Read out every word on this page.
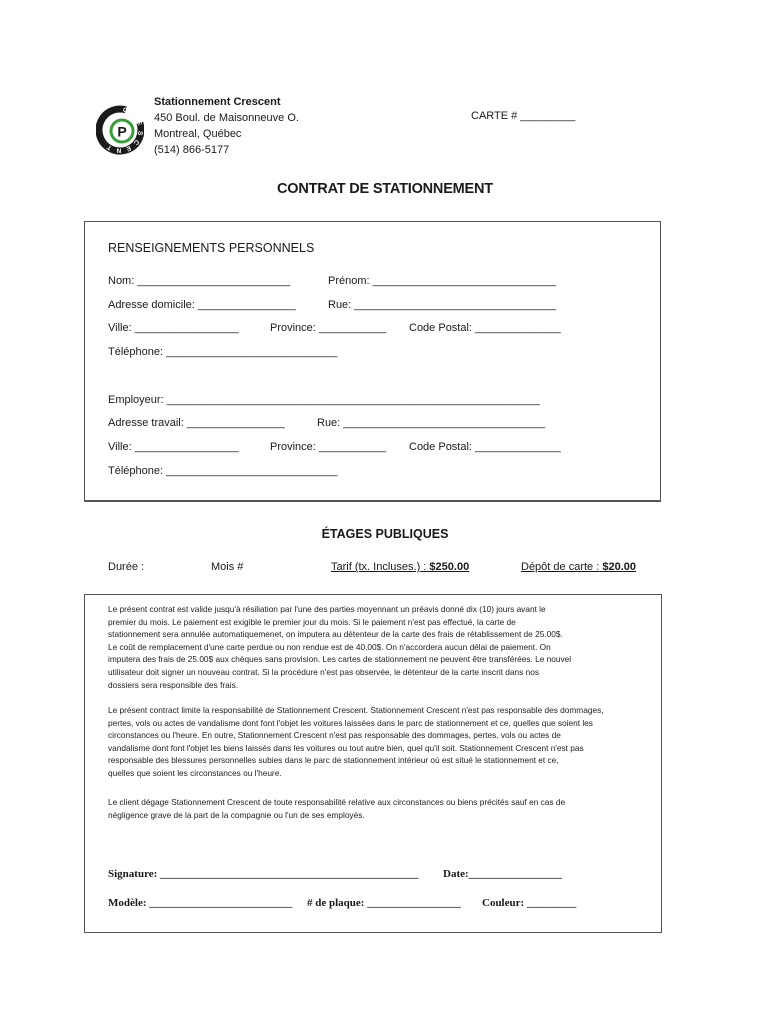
P
C
R
E
S
C
E
N
T
Stationnement Crescent
450 Boul. de Maisonneuve O.
Montreal, Québec
(514) 866-5177
CARTE # _________
CONTRAT DE STATIONNEMENT
RENSEIGNEMENTS PERSONNELS
Nom: _________________________	Prénom: ______________________________
Adresse domicile: ________________	Rue: _________________________________
Ville: _________________	Province: ___________ Code Postal: ______________
Téléphone: ____________________________
Employeur: _____________________________________________________________
Adresse travail: ________________	Rue: _________________________________
Ville: _________________	Province: ___________ Code Postal: ______________
Téléphone: ____________________________
ÉTAGES PUBLIQUES
Durée :	Mois #	Tarif (tx. Incluses.) : $250.00	Dépôt de carte : $20.00
Le présent contrat est valide jusqu'à résiliation par l'une des parties moyennant un préavis donné dix (10) jours avant le
premier du mois. Le paiement est exigible le premier jour du mois. Si le paiement n'est pas effectué, la carte de
stationnement sera annulée automatiquemenet, on imputera au détenteur de la carte des frais de rétablissement de 25.00$.
Le coût de remplacement d'une carte perdue ou non rendue est de 40.00$. On n'accordera aucun délai de paiement. On
imputera des frais de 25.00$ aux chèques sans provision. Les cartes de stationnement ne peuvent être transférées. Le nouvel
utilisateur doit signer un nouveau contrat. Si la procédure n'est pas observée, le détenteur de la carte inscrit dans nos
dossiers sera responsible des frais.
Le présent contract limite la responsabilité de Stationnement Crescent. Stationnement Crescent n'est pas responsable des dommages,
pertes, vols ou actes de vandalisme dont font l'objet les voitures laissées dans le parc de stationnement et ce, quelles que soient les
circonstances ou l'heure. En outre, Stationnement Crescent n'est pas responsable des dommages, pertes, vols ou actes de
vandalisme dont font l'objet les biens laissés dans les voitures ou tout autre bien, quel qu'il soit. Stationnement Crescent n'est pas
responsable des blessures personnelles subies dans le parc de stationnement intérieur où est situé le stationnement et ce,
quelles que soient les circonstances ou l'heure.
Le client dégage Stationnement Crescent de toute responsabilité relative aux circonstances ou biens précités sauf en cas de
négligence grave de la part de la compagnie ou l'un de ses employés.
Signature: _______________________________________________ Date:_________________
Modèle: __________________________ # de plaque: _________________ Couleur: _________
